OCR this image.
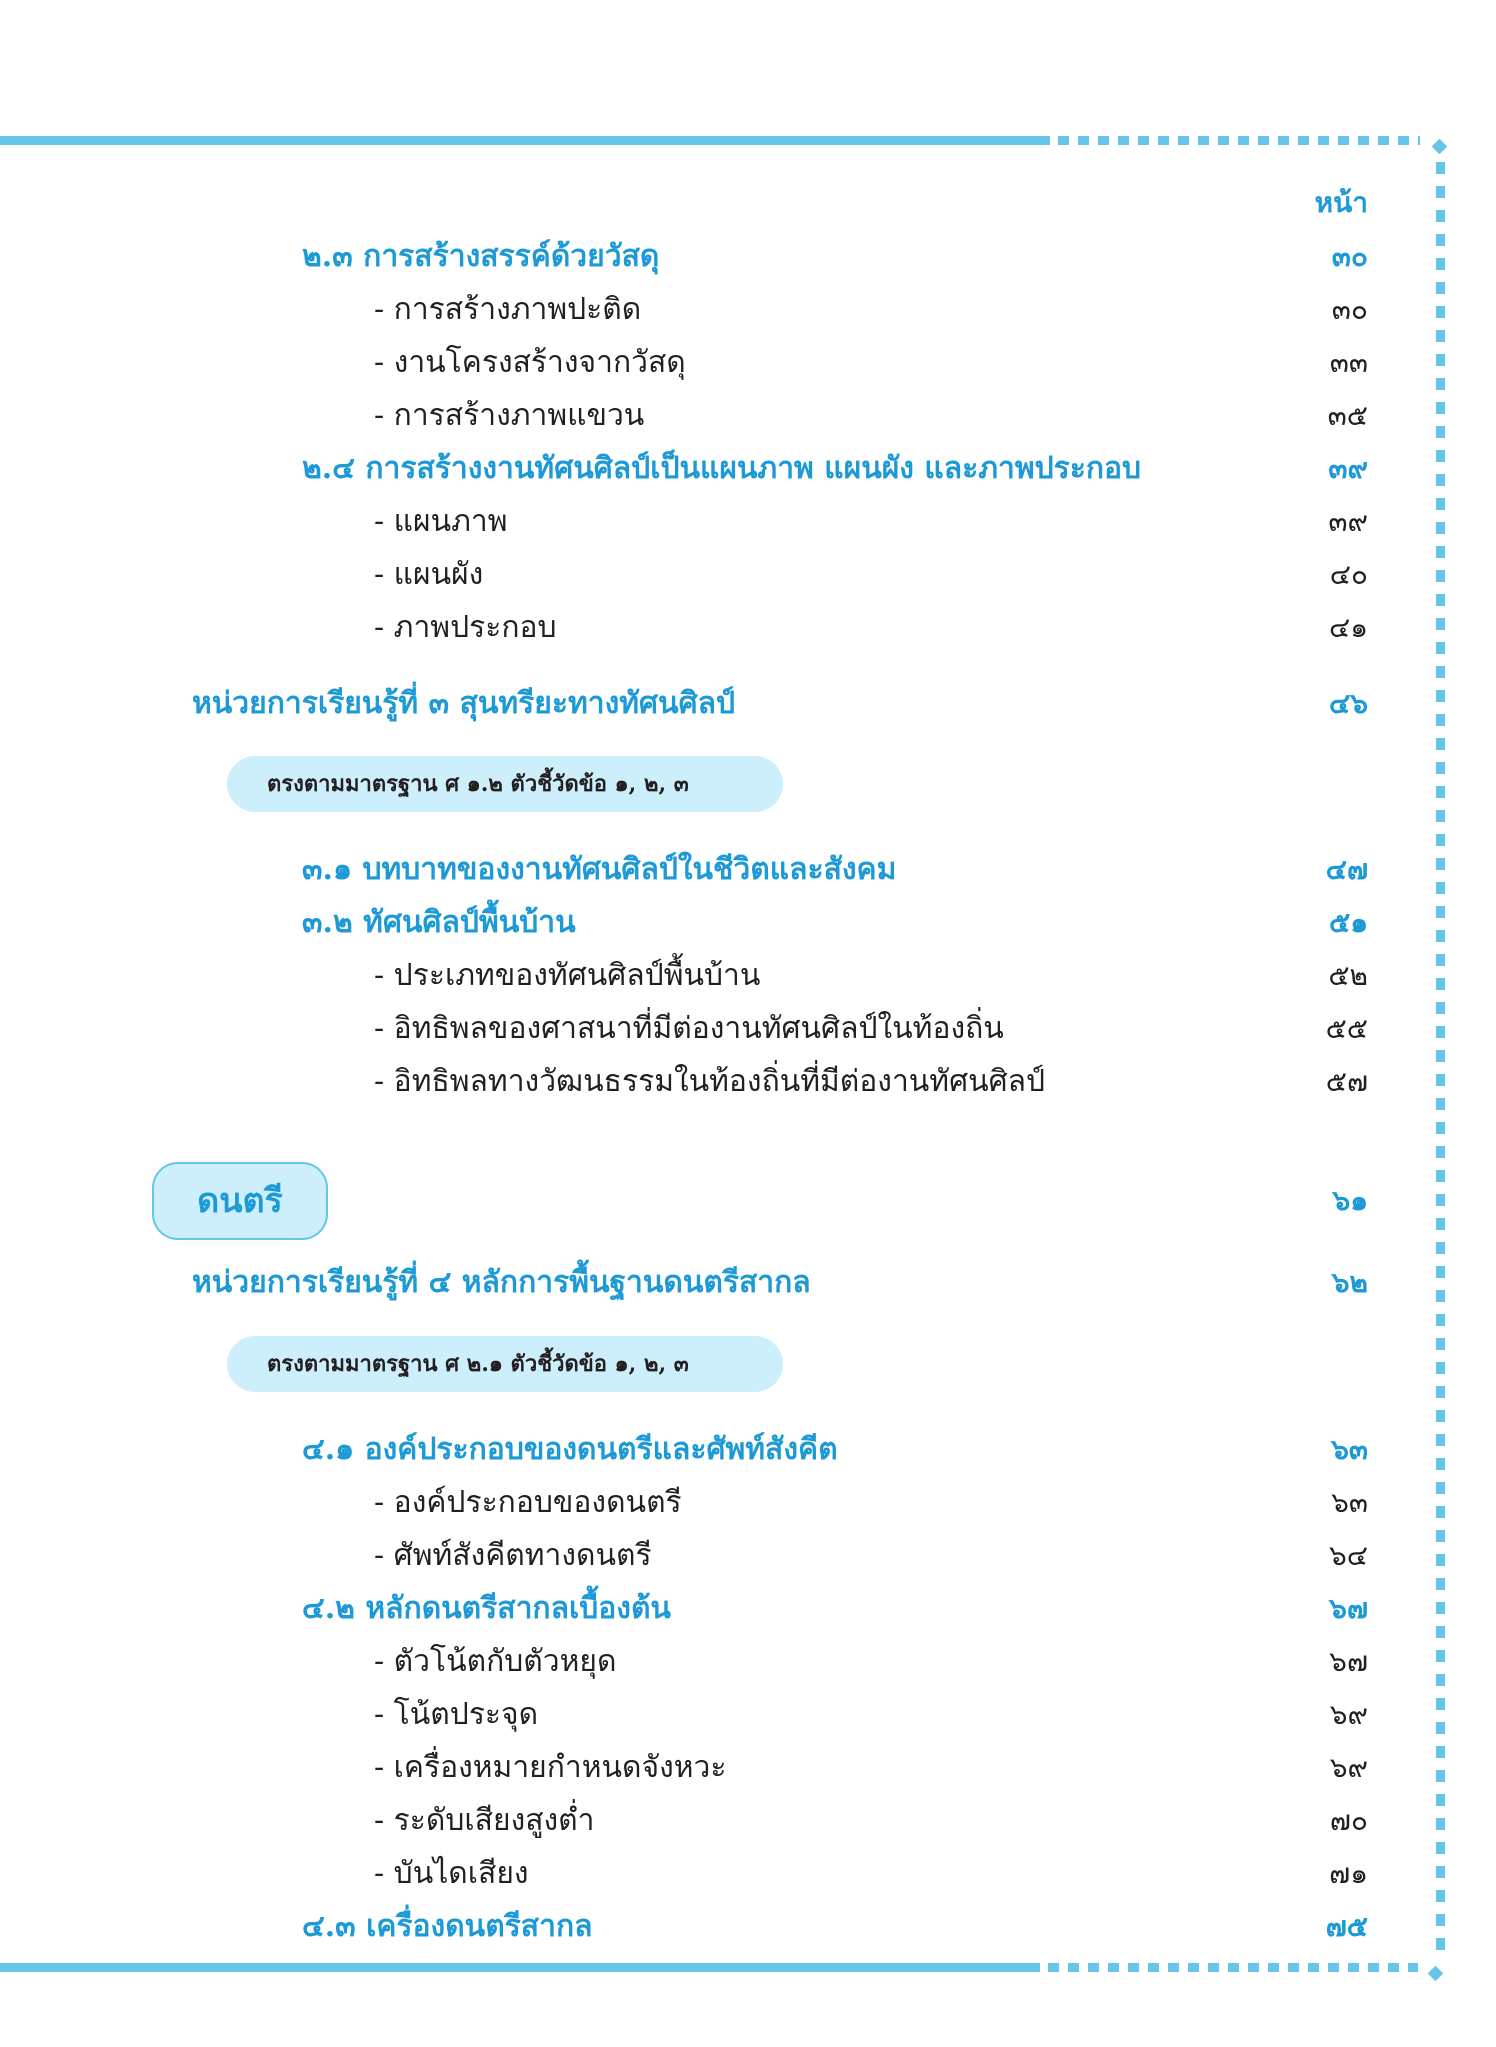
หน้า
๒.๓ การสร้างสรรค์ด้วยวัสดุ	๓๐
- การสร้างภาพปะติด	๓๐
- งานโครงสร้างจากวัสดุ	๓๓
- การสร้างภาพแขวน	๓๕
๒.๔ การสร้างงานทัศนศิลป์เป็นแผนภาพ แผนผัง และภาพประกอบ	๓๙
- แผนภาพ	๓๙
- แผนผัง	๔๐
- ภาพประกอบ	๔๑
หน่วยการเรียนรู้ที่ ๓ สุนทรียะทางทัศนศิลป์	๔๖
ตรงตามมาตรฐาน ศ ๑.๒ ตัวชี้วัดข้อ ๑, ๒, ๓
๓.๑ บทบาทของงานทัศนศิลป์ในชีวิตและสังคม	๔๗
๓.๒ ทัศนศิลป์พื้นบ้าน	๕๑
- ประเภทของทัศนศิลป์พื้นบ้าน	๕๒
- อิทธิพลของศาสนาที่มีต่องานทัศนศิลป์ในท้องถิ่น	๕๕
- อิทธิพลทางวัฒนธรรมในท้องถิ่นที่มีต่องานทัศนศิลป์	๕๗
ดนตรี	๖๑
หน่วยการเรียนรู้ที่ ๔ หลักการพื้นฐานดนตรีสากล	๖๒
ตรงตามมาตรฐาน ศ ๒.๑ ตัวชี้วัดข้อ ๑, ๒, ๓
๔.๑ องค์ประกอบของดนตรีและศัพท์สังคีต	๖๓
- องค์ประกอบของดนตรี	๖๓
- ศัพท์สังคีตทางดนตรี	๖๔
๔.๒ หลักดนตรีสากลเบื้องต้น	๖๗
- ตัวโน้ตกับตัวหยุด	๖๗
- โน้ตประจุด	๖๙
- เครื่องหมายกำหนดจังหวะ	๖๙
- ระดับเสียงสูงต่ำ	๗๐
- บันไดเสียง	๗๑
๔.๓ เครื่องดนตรีสากล	๗๕
